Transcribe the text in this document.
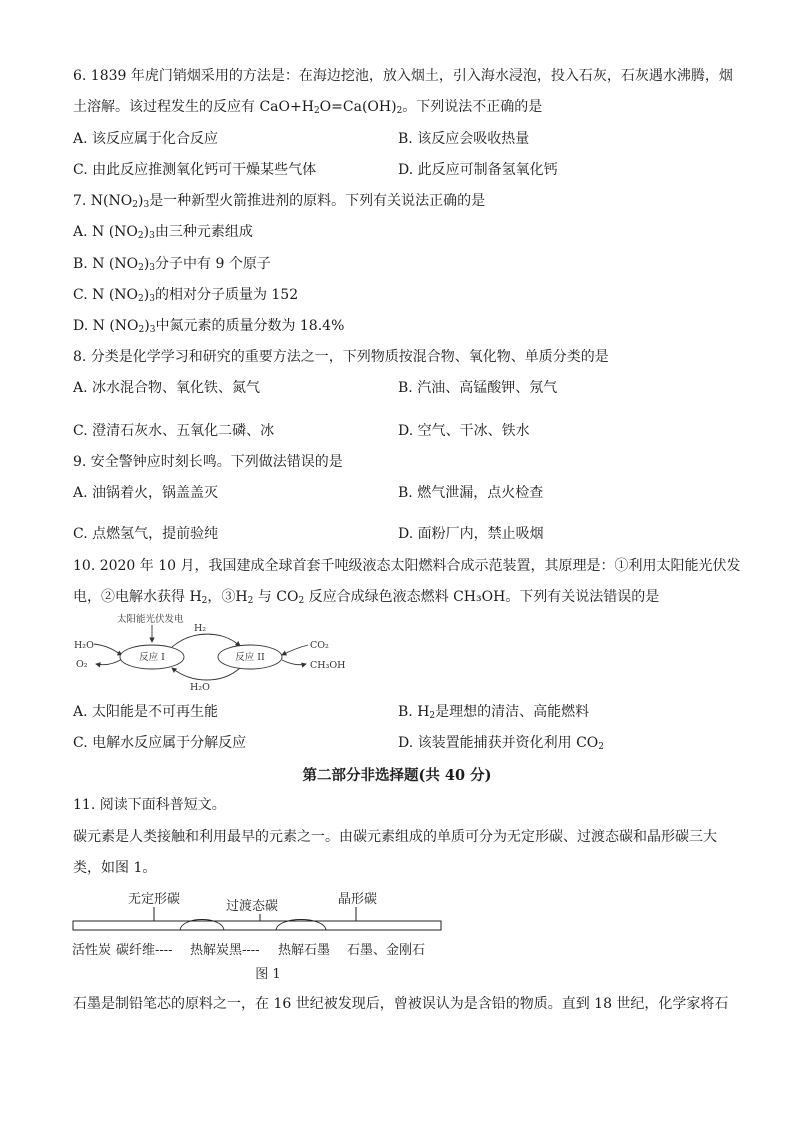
6. 1839 年虎门销烟采用的方法是：在海边挖池，放入烟土，引入海水浸泡，投入石灰，石灰遇水沸腾，烟
土溶解。该过程发生的反应有 $CaO+H_2O=Ca(OH)_2$。下列说法不正确的是
A. 该反应属于化合反应	B. 该反应会吸收热量
C. 由此反应推测氧化钙可干燥某些气体	D. 此反应可制备氢氧化钙
7. $N(NO_2)_3$是一种新型火箭推进剂的原料。下列有关说法正确的是
A. N $(NO_2)_3$由三种元素组成
B. N $(NO_2)_3$分子中有 9 个原子
C. N $(NO_2)_3$的相对分子质量为 152
D. N $(NO_2)_3$中氮元素的质量分数为 18.4%
8. 分类是化学学习和研究的重要方法之一，下列物质按混合物、氧化物、单质分类的是
A. 冰水混合物、氧化铁、氮气	B. 汽油、高锰酸钾、氖气
C. 澄清石灰水、五氧化二磷、冰	D. 空气、干冰、铁水
9. 安全警钟应时刻长鸣。下列做法错误的是
A. 油锅着火，锅盖盖灭	B. 燃气泄漏，点火检查
C. 点燃氢气，提前验纯	D. 面粉厂内，禁止吸烟
10. 2020 年 10 月，我国建成全球首套千吨级液态太阳燃料合成示范装置，其原理是：①利用太阳能光伏发
电，②电解水获得 $H_2$，$③H_2$ 与 $CO_2$ 反应合成绿色液态燃料 CH₃OH。下列有关说法错误的是
太阳能光伏发电
H₂O
O₂
反应 I
H₂
H₂O
反应 II
CO₂
CH₃OH
A. 太阳能是不可再生能	B. $H_2$是理想的清洁、高能燃料
C. 电解水反应属于分解反应	D. 该装置能捕获并资化利用 $CO_2$
第二部分非选择题(共 40 分)
11. 阅读下面科普短文。
碳元素是人类接触和利用最早的元素之一。由碳元素组成的单质可分为无定形碳、过渡态碳和晶形碳三大
类，如图 1。
无定形碳	过渡态碳	晶形碳
活性炭 碳纤维---- 热解炭黑---- 热解石墨 石墨、金刚石
图 1
石墨是制铅笔芯的原料之一，在 16 世纪被发现后，曾被误认为是含铅的物质。直到 18 世纪，化学家将石
